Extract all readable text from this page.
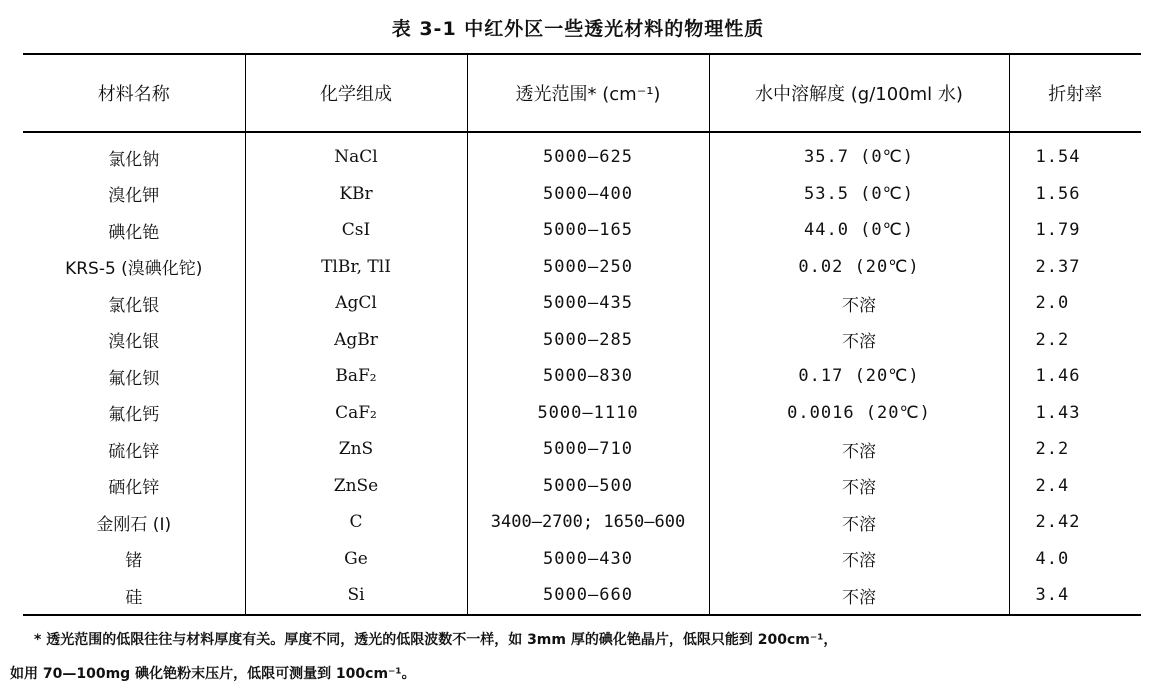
表 3-1 中红外区一些透光材料的物理性质
材料名称	化学组成	透光范围* (cm⁻¹)	水中溶解度 (g/100ml 水)	折射率
氯化钠	NaCl	5000—625	35.7 (0℃)	1.54
溴化钾	KBr	5000—400	53.5 (0℃)	1.56
碘化铯	CsI	5000—165	44.0 (0℃)	1.79
KRS-5 (溴碘化铊)	TlBr, TlI	5000—250	0.02 (20℃)	2.37
氯化银	AgCl	5000—435	不溶	2.0
溴化银	AgBr	5000—285	不溶	2.2
氟化钡	BaF₂	5000—830	0.17 (20℃)	1.46
氟化钙	CaF₂	5000—1110	0.0016 (20℃)	1.43
硫化锌	ZnS	5000—710	不溶	2.2
硒化锌	ZnSe	5000—500	不溶	2.4
金刚石 (Ⅰ)	C	3400—2700; 1650—600	不溶	2.42
锗	Ge	5000—430	不溶	4.0
硅	Si	5000—660	不溶	3.4
* 透光范围的低限往往与材料厚度有关。厚度不同，透光的低限波数不一样，如 3mm 厚的碘化铯晶片，低限只能到 200cm⁻¹，
如用 70—100mg 碘化铯粉末压片，低限可测量到 100cm⁻¹。
